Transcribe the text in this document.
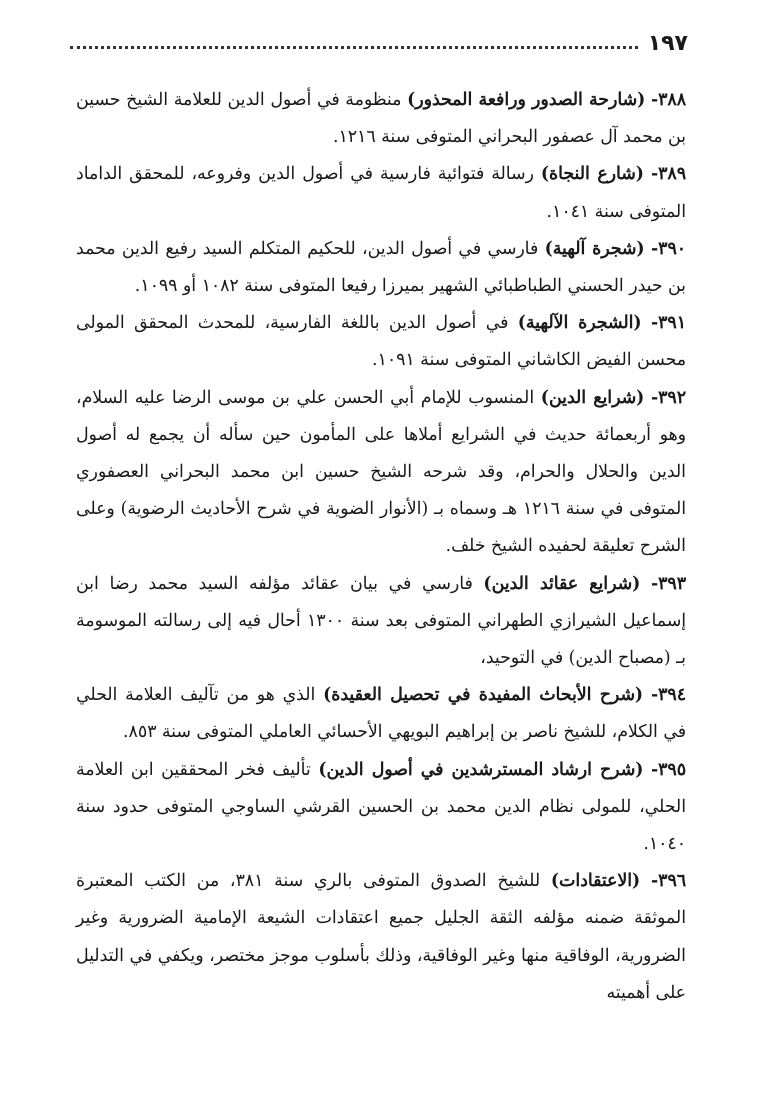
١٩٧

٣٨٨- (شارحة الصدور ورافعة المحذور) منظومة في أصول الدين للعلامة الشيخ حسين بن محمد آل عصفور البحراني المتوفى سنة ١٢١٦.

٣٨٩- (شارع النجاة) رسالة فتوائية فارسية في أصول الدين وفروعه، للمحقق الداماد المتوفى سنة ١٠٤١.

٣٩٠- (شجرة آلهية) فارسي في أصول الدين، للحكيم المتكلم السيد رفيع الدين محمد بن حيدر الحسني الطباطبائي الشهير بميرزا رفيعا المتوفى سنة ١٠٨٢ أو ١٠٩٩.

٣٩١- (الشجرة الآلهية) في أصول الدين باللغة الفارسية، للمحدث المحقق المولى محسن الفيض الكاشاني المتوفى سنة ١٠٩١.

٣٩٢- (شرايع الدين) المنسوب للإمام أبي الحسن علي بن موسى الرضا عليه السلام، وهو أربعمائة حديث في الشرايع أملاها على المأمون حين سأله أن يجمع له أصول الدين والحلال والحرام، وقد شرحه الشيخ حسين ابن محمد البحراني العصفوري المتوفى في سنة ١٢١٦ هـ وسماه بـ (الأنوار الضوية في شرح الأحاديث الرضوية) وعلى الشرح تعليقة لحفيده الشيخ خلف.

٣٩٣- (شرايع عقائد الدين) فارسي في بيان عقائد مؤلفه السيد محمد رضا ابن إسماعيل الشيرازي الطهراني المتوفى بعد سنة ١٣٠٠ أحال فيه إلى رسالته الموسومة بـ (مصباح الدين) في التوحيد،

٣٩٤- (شرح الأبحاث المفيدة في تحصيل العقيدة) الذي هو من تآليف العلامة الحلي في الكلام، للشيخ ناصر بن إبراهيم البويهي الأحسائي العاملي المتوفى سنة ٨٥٣.

٣٩٥- (شرح ارشاد المسترشدين في أصول الدين) تأليف فخر المحققين ابن العلامة الحلي، للمولى نظام الدين محمد بن الحسين القرشي الساوجي المتوفى حدود سنة ١٠٤٠.

٣٩٦- (الاعتقادات) للشيخ الصدوق المتوفى بالري سنة ٣٨١، من الكتب المعتبرة الموثقة ضمنه مؤلفه الثقة الجليل جميع اعتقادات الشيعة الإمامية الضرورية وغير الضرورية، الوفاقية منها وغير الوفاقية، وذلك بأسلوب موجز مختصر، ويكفي في التدليل على أهميته
